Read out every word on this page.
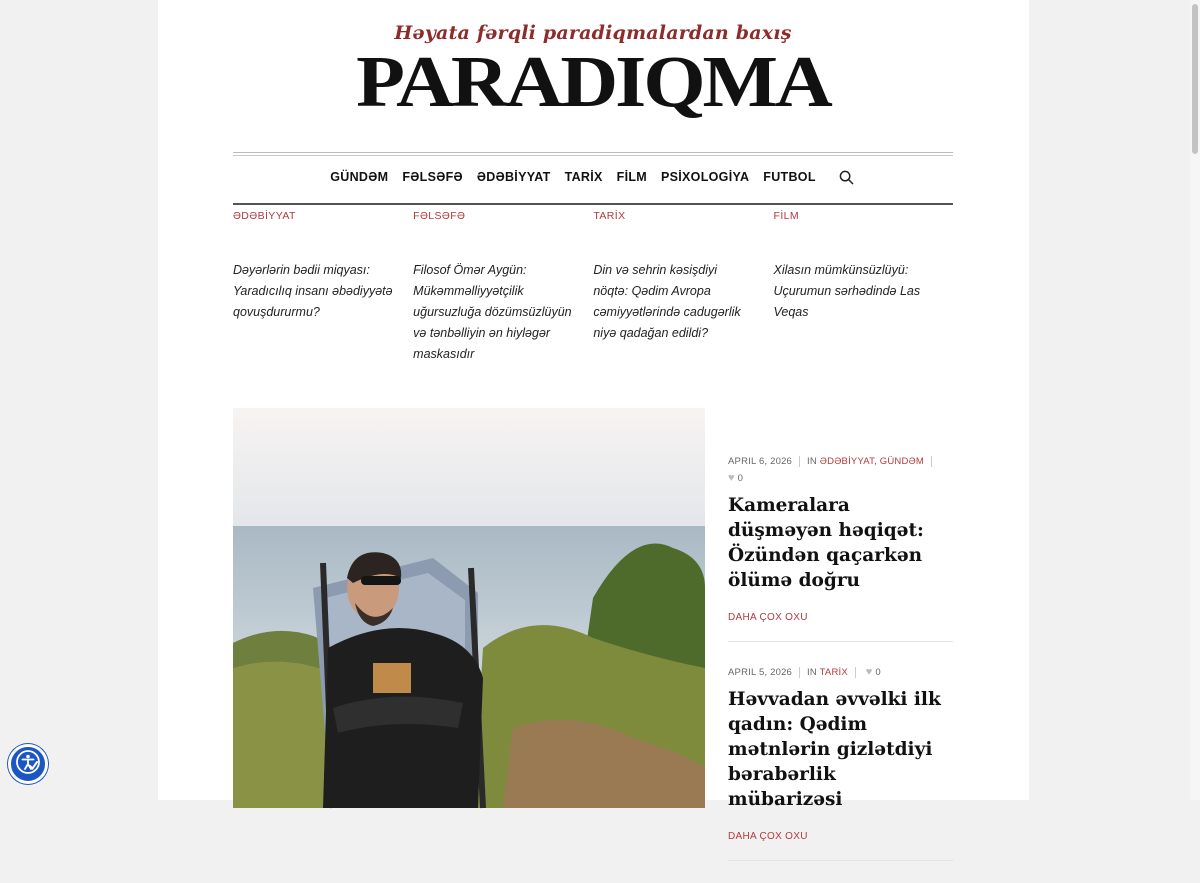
Həyata fərqli paradiqmalardan baxış
PARADIQMA
GÜNDƏM FƏLSƏFƏ ƏDƏBİYYAT TARİX FİLM PSİXOLOGİYA FUTBOL
ƏDƏBİYYAT
Dəyərlərin bədii miqyası: Yaradıcılıq insanı əbədiyyətə qovuşdururmu?
FƏLSƏFƏ
Filosof Ömər Aygün: Mükəmməlliyyətçilik uğursuzluğa dözümsüzlüyün və tənbəlliyin ən hiyləgər maskasıdır
TARİX
Din və sehrin kəsişdiyi nöqtə: Qədim Avropa cəmiyyətlərində cadugərlik niyə qadağan edildi?
FİLM
Xilasın mümkünsüzlüyü: Uçurumun sərhədində Las Veqas
APRIL 6, 2026 IN ƏDƏBİYYAT, GÜNDƏM
♥ 0
Kameralara düşməyən həqiqət: Özündən qaçarkən ölümə doğru
DAHA ÇOX OXU
APRIL 5, 2026 IN TARİX ♥ 0
Həvvadan əvvəlki ilk qadın: Qədim mətnlərin gizlətdiyi bərabərlik mübarizəsi
DAHA ÇOX OXU
